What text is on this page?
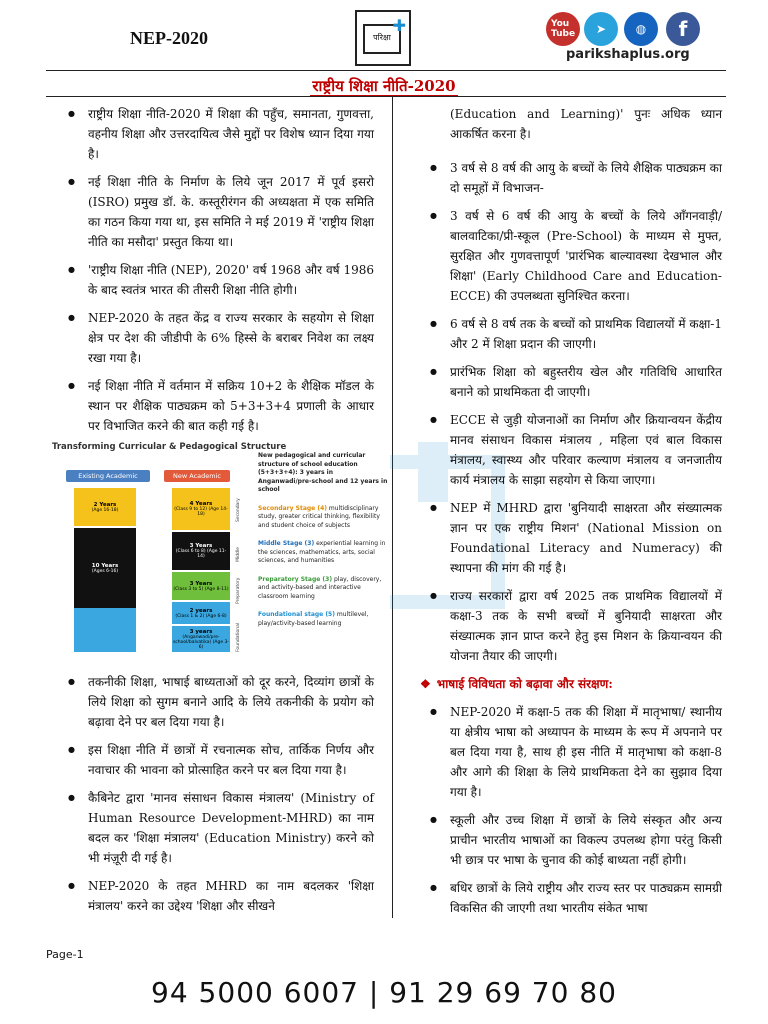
NEP-2020	परिक्षा
✚	You
Tube	➤	◍	f
parikshaplus.org
राष्ट्रीय शिक्षा नीति-2020
● राष्ट्रीय शिक्षा नीति-2020 में शिक्षा की पहुँच, समानता, गुणवत्ता, वहनीय शिक्षा और उत्तरदायित्व जैसे मुद्दों पर विशेष ध्यान दिया गया है।
● नई शिक्षा नीति के निर्माण के लिये जून 2017 में पूर्व इसरो (ISRO) प्रमुख डॉ. के. कस्तूरीरंगन की अध्यक्षता में एक समिति का गठन किया गया था, इस समिति ने मई 2019 में 'राष्ट्रीय शिक्षा नीति का मसौदा' प्रस्तुत किया था।
● 'राष्ट्रीय शिक्षा नीति (NEP), 2020' वर्ष 1968 और वर्ष 1986 के बाद स्वतंत्र भारत की तीसरी शिक्षा नीति होगी।
● NEP-2020 के तहत केंद्र व राज्य सरकार के सहयोग से शिक्षा क्षेत्र पर देश की जीडीपी के 6% हिस्से के बराबर निवेश का लक्ष्य रखा गया है।
● नई शिक्षा नीति में वर्तमान में सक्रिय 10+2 के शैक्षिक मॉडल के स्थान पर शैक्षिक पाठ्यक्रम को 5+3+3+4 प्रणाली के आधार पर विभाजित करने की बात कही गई है।
Transforming Curricular & Pedagogical Structure
Existing Academic	New Academic
2 Years
(Age 16-18)
10 Years
(Ages 6-16)
4 Years
(Class 9 to 12) (Age 14-18)
3 Years
(Class 6 to 8) (Age 11-14)
3 Years
(Class 3 to 5) (Age 8-11)
2 years
(Class 1 & 2) (Age 6-8)
3 years
(Anganwadi/pre-school/balvatika) (Age 3-6)
Secondary
Middle
Preparatory
Foundational

New pedagogical and curricular structure of school education (5+3+3+4): 3 years in Anganwadi/pre-school and 12 years in school

Secondary Stage (4) multidisciplinary study, greater critical thinking, flexibility and student choice of subjects

Middle Stage (3) experiential learning in the sciences, mathematics, arts, social sciences, and humanities

Preparatory Stage (3) play, discovery, and activity-based and interactive classroom learning

Foundational stage (5) multilevel, play/activity-based learning

● तकनीकी शिक्षा, भाषाई बाध्यताओं को दूर करने, दिव्यांग छात्रों के लिये शिक्षा को सुगम बनाने आदि के लिये तकनीकी के प्रयोग को बढ़ावा देने पर बल दिया गया है।
● इस शिक्षा नीति में छात्रों में रचनात्मक सोच, तार्किक निर्णय और नवाचार की भावना को प्रोत्साहित करने पर बल दिया गया है।
● कैबिनेट द्वारा 'मानव संसाधन विकास मंत्रालय' (Ministry of Human Resource Development-MHRD) का नाम बदल कर 'शिक्षा मंत्रालय' (Education Ministry) करने को भी मंज़ूरी दी गई है।
● NEP-2020 के तहत MHRD का नाम बदलकर 'शिक्षा मंत्रालय' करने का उद्देश्य 'शिक्षा और सीखने
(Education and Learning)' पुनः अधिक ध्यान आकर्षित करना है।
● 3 वर्ष से 8 वर्ष की आयु के बच्चों के लिये शैक्षिक पाठ्यक्रम का दो समूहों में विभाजन-
● 3 वर्ष से 6 वर्ष की आयु के बच्चों के लिये आँगनवाड़ी/बालवाटिका/प्री-स्कूल (Pre-School) के माध्यम से मुफ्त, सुरक्षित और गुणवत्तापूर्ण 'प्रारंभिक बाल्यावस्था देखभाल और शिक्षा' (Early Childhood Care and Education- ECCE) की उपलब्धता सुनिश्चित करना।
● 6 वर्ष से 8 वर्ष तक के बच्चों को प्राथमिक विद्यालयों में कक्षा-1 और 2 में शिक्षा प्रदान की जाएगी।
● प्रारंभिक शिक्षा को बहुस्तरीय खेल और गतिविधि आधारित बनाने को प्राथमिकता दी जाएगी।
● ECCE से जुड़ी योजनाओं का निर्माण और क्रियान्वयन केंद्रीय मानव संसाधन विकास मंत्रालय , महिला एवं बाल विकास मंत्रालय, स्वास्थ्य और परिवार कल्याण मंत्रालय व जनजातीय कार्य मंत्रालय के साझा सहयोग से किया जाएगा।
● NEP में MHRD द्वारा 'बुनियादी साक्षरता और संख्यात्मक ज्ञान पर एक राष्ट्रीय मिशन' (National Mission on Foundational Literacy and Numeracy) की स्थापना की मांग की गई है।
● राज्य सरकारों द्वारा वर्ष 2025 तक प्राथमिक विद्यालयों में कक्षा-3 तक के सभी बच्चों में बुनियादी साक्षरता और संख्यात्मक ज्ञान प्राप्त करने हेतु इस मिशन के क्रियान्वयन की योजना तैयार की जाएगी।
❖ भाषाई विविधता को बढ़ावा और संरक्षण:
● NEP-2020 में कक्षा-5 तक की शिक्षा में मातृभाषा/ स्थानीय या क्षेत्रीय भाषा को अध्यापन के माध्यम के रूप में अपनाने पर बल दिया गया है, साथ ही इस नीति में मातृभाषा को कक्षा-8 और आगे की शिक्षा के लिये प्राथमिकता देने का सुझाव दिया गया है।
● स्कूली और उच्च शिक्षा में छात्रों के लिये संस्कृत और अन्य प्राचीन भारतीय भाषाओं का विकल्प उपलब्ध होगा परंतु किसी भी छात्र पर भाषा के चुनाव की कोई बाध्यता नहीं होगी।
● बधिर छात्रों के लिये राष्ट्रीय और राज्य स्तर पर पाठ्यक्रम सामग्री विकसित की जाएगी तथा भारतीय संकेत भाषा
Page-1
94 5000 6007 | 91 29 69 70 80
